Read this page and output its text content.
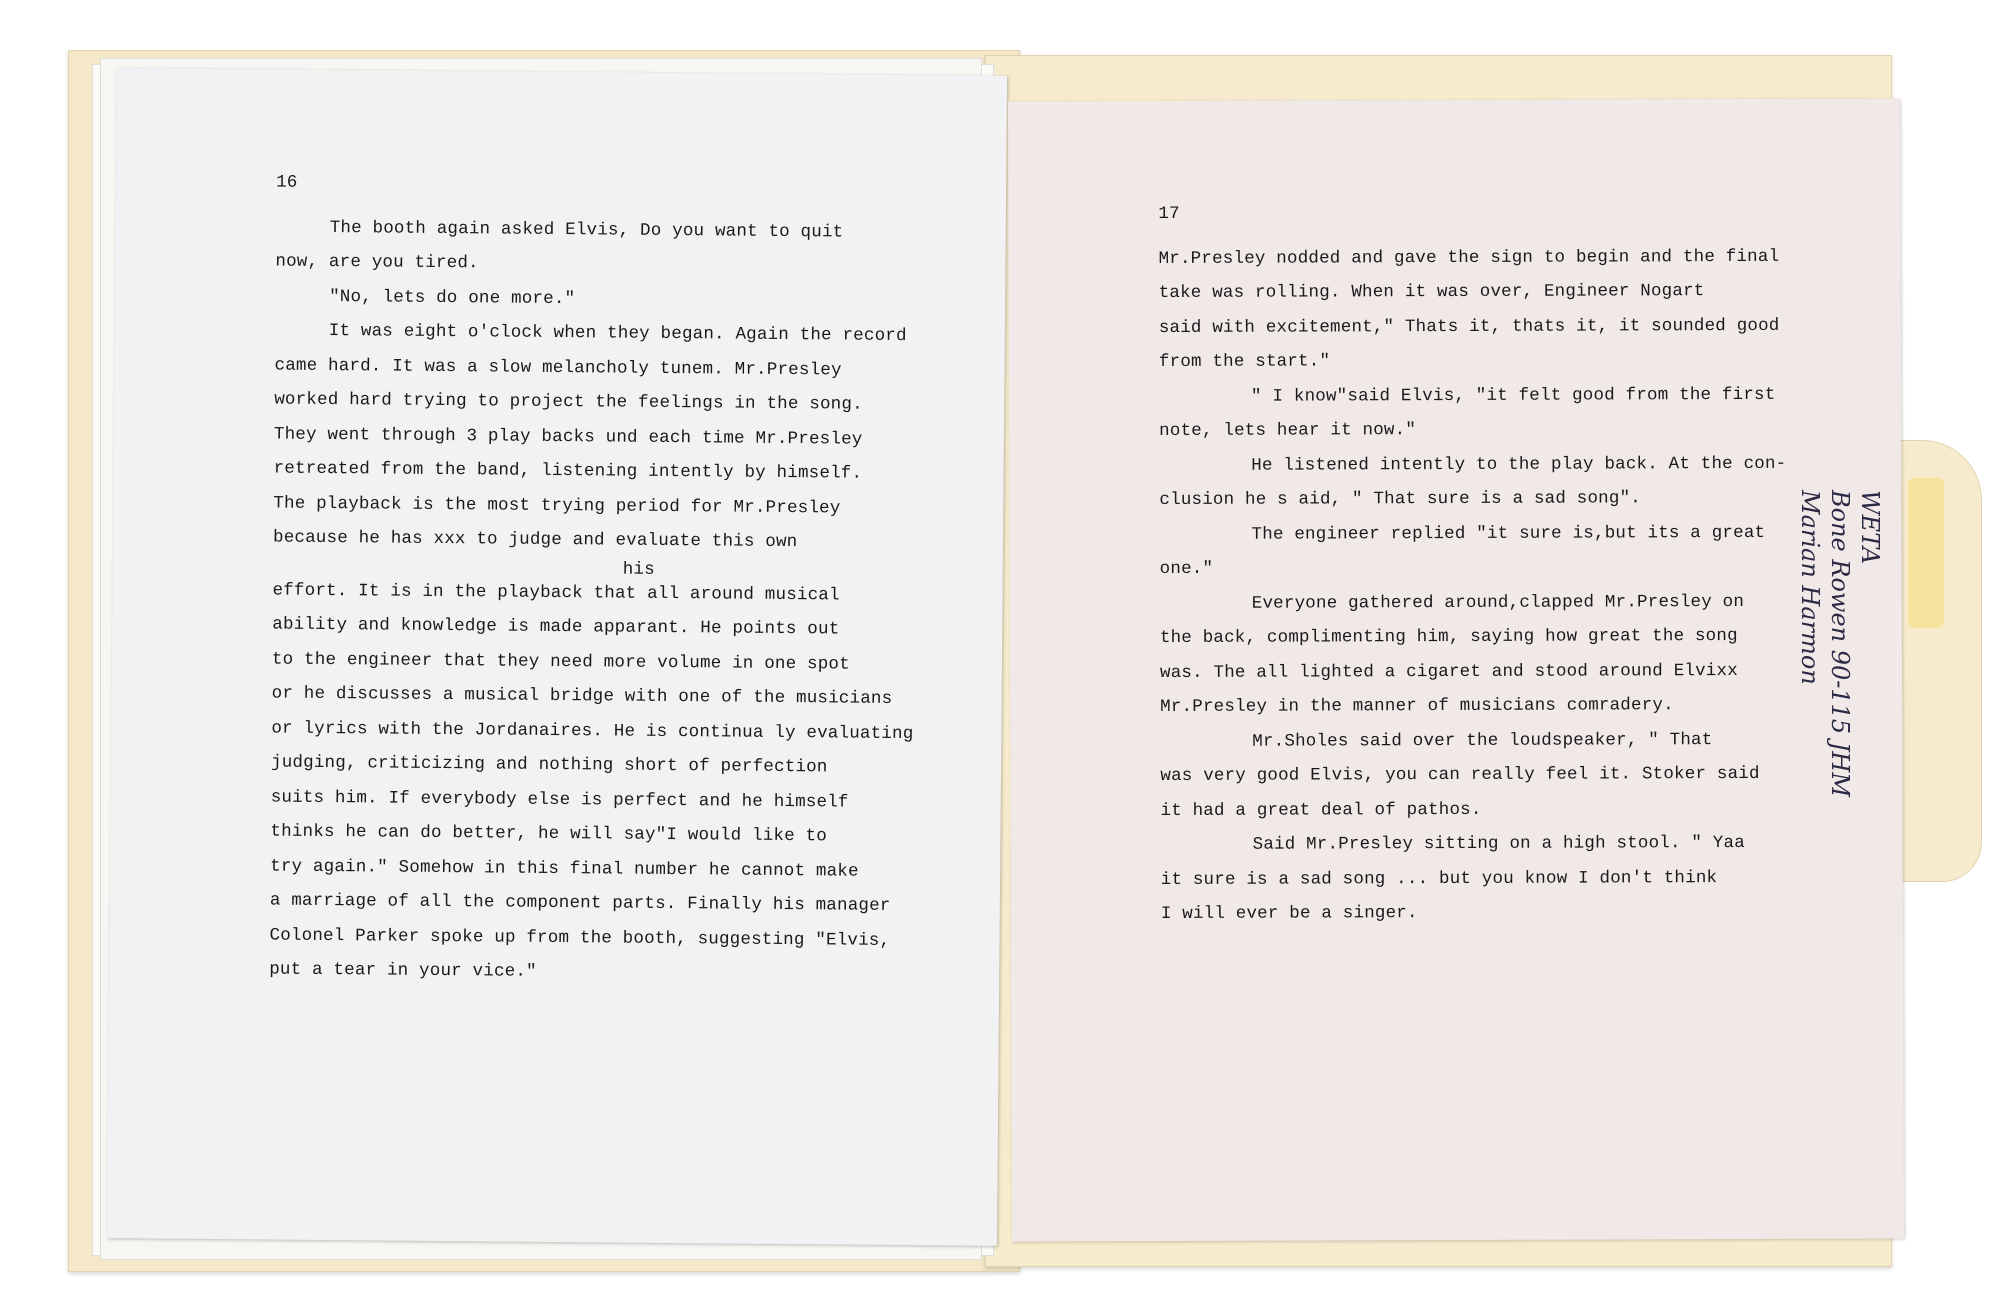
16
The booth again asked Elvis, Do you want to quit
now, are you tired.
"No, lets do one more."
It was eight o'clock when they began. Again the record
came hard. It was a slow melancholy tunem. Mr.Presley
worked hard trying to project the feelings in the song.
They went through 3 play backs und each time Mr.Presley
retreated from the band, listening intently by himself.
The playback is the most trying period for Mr.Presley
because he has xxx to judge and evaluate this own
his
effort. It is in the playback that all around musical
ability and knowledge is made apparant. He points out
to the engineer that they need more volume in one spot
or he discusses a musical bridge with one of the musicians
or lyrics with the Jordanaires. He is continua ly evaluating
judging, criticizing and nothing short of perfection
suits him. If everybody else is perfect and he himself
thinks he can do better, he will say"I would like to
try again." Somehow in this final number he cannot make
a marriage of all the component parts. Finally his manager
Colonel Parker spoke up from the booth, suggesting "Elvis,
put a tear in your vice."
17
Mr.Presley nodded and gave the sign to begin and the final
take was rolling. When it was over, Engineer Nogart
said with excitement," Thats it, thats it, it sounded good
from the start."
" I know"said Elvis, "it felt good from the first
note, lets hear it now."
He listened intently to the play back. At the con-
clusion he s aid, " That sure is a sad song".
The engineer replied "it sure is,but its a great
one."
Everyone gathered around,clapped Mr.Presley on
the back, complimenting him, saying how great the song
was. The all lighted a cigaret and stood around Elvixx
Mr.Presley in the manner of musicians comradery.
Mr.Sholes said over the loudspeaker, " That
was very good Elvis, you can really feel it. Stoker said
it had a great deal of pathos.
Said Mr.Presley sitting on a high stool. " Yaa
it sure is a sad song ... but you know I don't think
I will ever be a singer.
WETA
Bone Rowen 90-115 JHM
Marian Harmon
